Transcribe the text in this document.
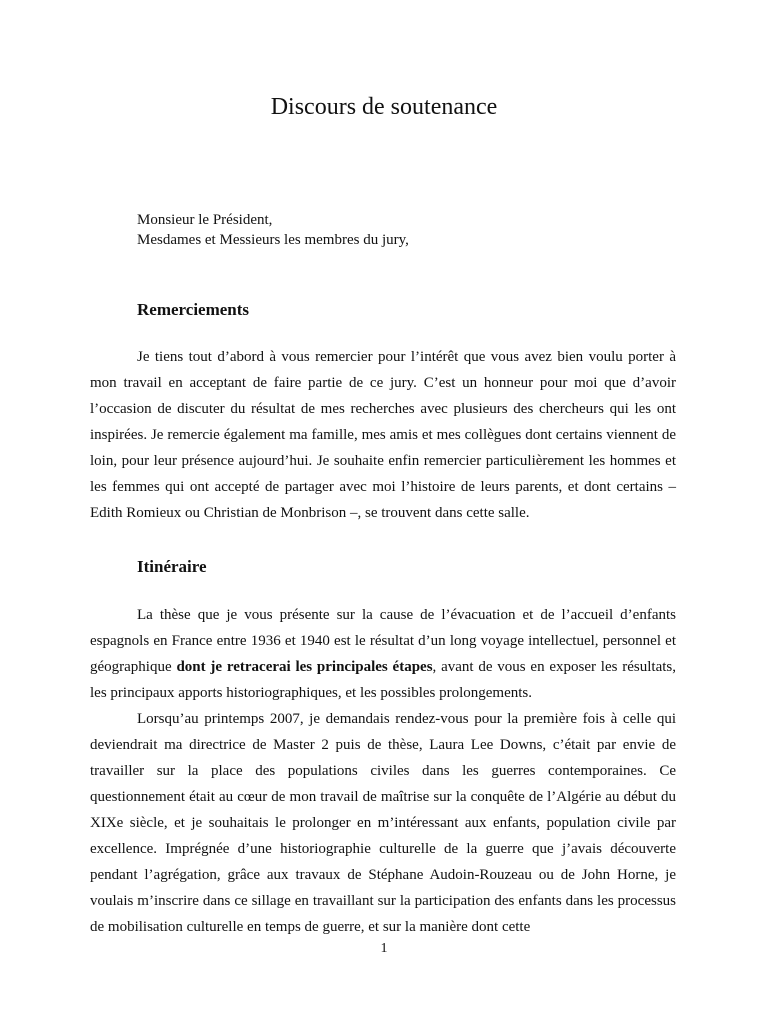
Discours de soutenance
Monsieur le Président,
Mesdames et Messieurs les membres du jury,
Remerciements

Je tiens tout d’abord à vous remercier pour l’intérêt que vous avez bien voulu porter à mon travail en acceptant de faire partie de ce jury. C’est un honneur pour moi que d’avoir l’occasion de discuter du résultat de mes recherches avec plusieurs des chercheurs qui les ont inspirées. Je remercie également ma famille, mes amis et mes collègues dont certains viennent de loin, pour leur présence aujourd’hui. Je souhaite enfin remercier particulièrement les hommes et les femmes qui ont accepté de partager avec moi l’histoire de leurs parents, et dont certains – Edith Romieux ou Christian de Monbrison –, se trouvent dans cette salle.

Itinéraire

La thèse que je vous présente sur la cause de l’évacuation et de l’accueil d’enfants espagnols en France entre 1936 et 1940 est le résultat d’un long voyage intellectuel, personnel et géographique dont je retracerai les principales étapes, avant de vous en exposer les résultats, les principaux apports historiographiques, et les possibles prolongements.

Lorsqu’au printemps 2007, je demandais rendez-vous pour la première fois à celle qui deviendrait ma directrice de Master 2 puis de thèse, Laura Lee Downs, c’était par envie de travailler sur la place des populations civiles dans les guerres contemporaines. Ce questionnement était au cœur de mon travail de maîtrise sur la conquête de l’Algérie au début du XIXe siècle, et je souhaitais le prolonger en m’intéressant aux enfants, population civile par excellence. Imprégnée d’une historiographie culturelle de la guerre que j’avais découverte pendant l’agrégation, grâce aux travaux de Stéphane Audoin-Rouzeau ou de John Horne, je voulais m’inscrire dans ce sillage en travaillant sur la participation des enfants dans les processus de mobilisation culturelle en temps de guerre, et sur la manière dont cette

1
